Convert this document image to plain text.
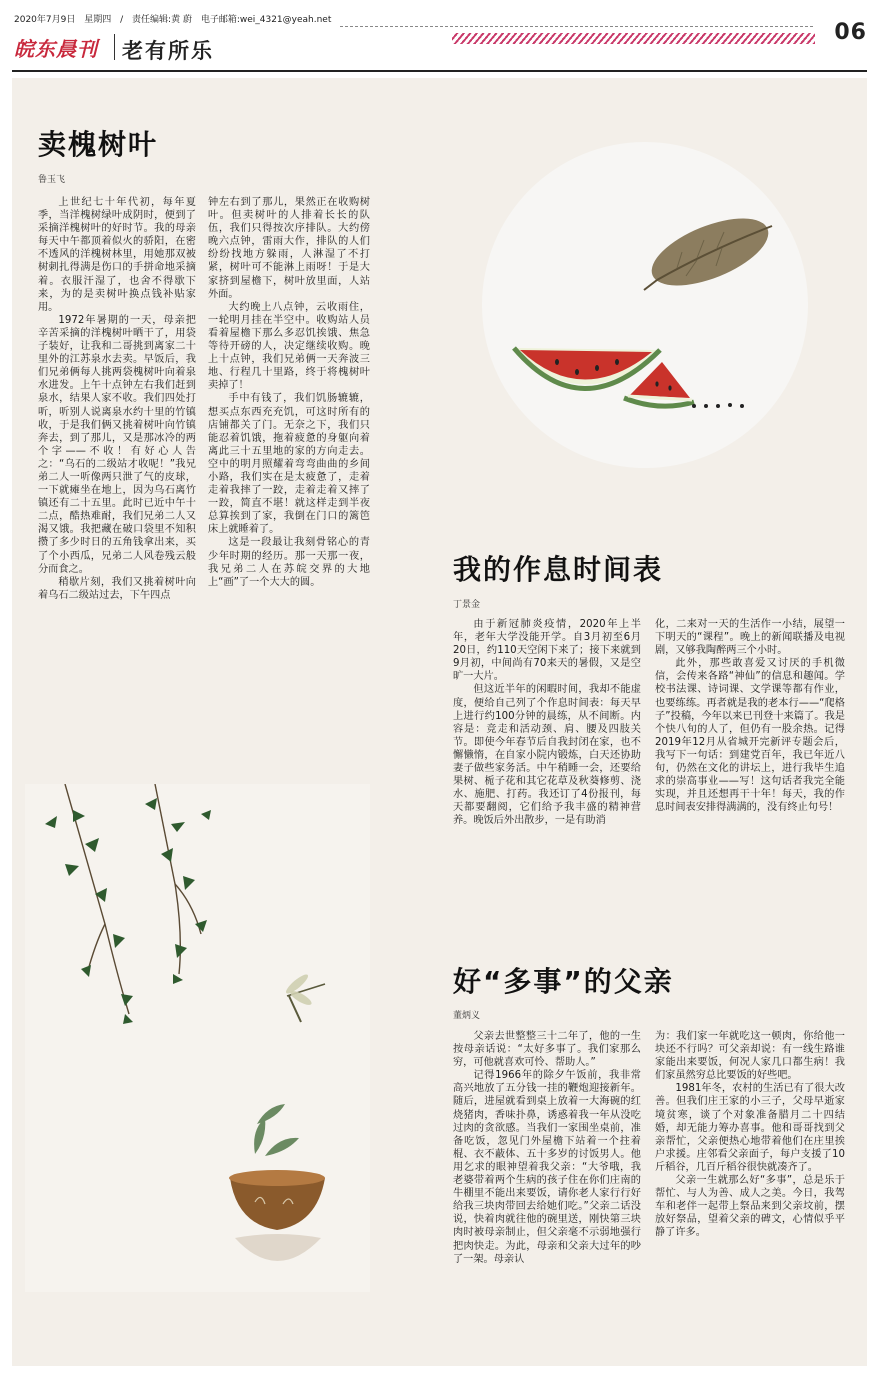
2020年7月9日 星期四 / 责任编辑:黄 蔚 电子邮箱:wei_4321@yeah.net	06
皖东晨刊 老有所乐
卖槐树叶
鲁玉飞

上世纪七十年代初，每年夏季，当洋槐树绿叶成阴时，便到了采摘洋槐树叶的好时节。我的母亲每天中午都顶着似火的骄阳，在密不透风的洋槐树林里，用她那双被树刺扎得满是伤口的手拼命地采摘着。衣服汗湿了，也舍不得歇下来，为的是卖树叶换点钱补贴家用。

1972年暑期的一天，母亲把辛苦采摘的洋槐树叶晒干了，用袋子装好，让我和二哥挑到离家二十里外的江苏泉水去卖。早饭后，我们兄弟俩每人挑两袋槐树叶向着泉水进发。上午十点钟左右我们赶到泉水，结果人家不收。我们四处打听，听别人说离泉水约十里的竹镇收，于是我们俩又挑着树叶向竹镇奔去，到了那儿，又是那冰冷的两个字——不收！有好心人告之：“乌石的二级站才收呢！”我兄弟二人一听像两只泄了气的皮球，一下就瘫坐在地上，因为乌石离竹镇还有二十五里。此时已近中午十二点，酷热难耐，我们兄弟二人又渴又饿。我把藏在破口袋里不知积攒了多少时日的五角钱拿出来，买了个小西瓜，兄弟二人风卷残云般分而食之。

稍歇片刻，我们又挑着树叶向着乌石二级站过去，下午四点

钟左右到了那儿，果然正在收购树叶。但卖树叶的人排着长长的队伍，我们只得按次序排队。大约傍晚六点钟，雷雨大作，排队的人们纷纷找地方躲雨，人淋湿了不打紧，树叶可不能淋上雨呀！于是大家挤到屋檐下，树叶放里面，人站外面。

大约晚上八点钟，云收雨住，一轮明月挂在半空中。收购站人员看着屋檐下那么多忍饥挨饿、焦急等待开磅的人，决定继续收购。晚上十点钟，我们兄弟俩一天奔波三地、行程几十里路，终于将槐树叶卖掉了！

手中有钱了，我们饥肠辘辘，想买点东西充充饥，可这时所有的店铺都关了门。无奈之下，我们只能忍着饥饿，拖着疲惫的身躯向着离此三十五里地的家的方向走去。空中的明月照耀着弯弯曲曲的乡间小路，我们实在是太疲惫了，走着走着我摔了一跤，走着走着又摔了一跤，简直不堪！就这样走到半夜总算挨到了家，我倒在门口的篱笆床上就睡着了。

这是一段最让我刻骨铭心的青少年时期的经历。那一天那一夜，我兄弟二人在苏皖交界的大地上“画”了一个大大的圆。	我的作息时间表
丁景金

由于新冠肺炎疫情，2020年上半年，老年大学没能开学。自3月初至6月20日，约110天空闲下来了；接下来就到9月初，中间尚有70来天的暑假，又是空旷一大片。

但这近半年的闲暇时间，我却不能虚度，便给自己列了个作息时间表：每天早上进行约100分钟的晨练，从不间断。内容是：竞走和活动颈、肩、腰及四肢关节。即使今年春节后自我封闭在家，也不懈懒惰，在自家小院内锻炼，白天还协助妻子做些家务活。中午稍睡一会，还要给果树、栀子花和其它花草及秋葵修剪、浇水、施肥、打药。我还订了4份报刊，每天都要翻阅，它们给予我丰盛的精神营养。晚饭后外出散步，一是有助消

化，二来对一天的生活作一小结，展望一下明天的“课程”。晚上的新闻联播及电视剧，又够我陶醉两三个小时。

此外，那些敢喜爱又讨厌的手机微信，会传来各路“神仙”的信息和趣闻。学校书法课、诗词课、文学课等都有作业，也要练练。再者就是我的老本行——“爬格子”投稿，今年以来已刊登十来篇了。我是个快八旬的人了，但仍有一股余热。记得2019年12月从省城开完新评专题会后，我写下一句话：到建党百年，我已年近八旬，仍然在文化的讲坛上，进行我毕生追求的崇高事业——写！这句话者我完全能实现，并且还想再干十年！每天，我的作息时间表安排得满满的，没有终止句号！

好“多事”的父亲
董炳义

父亲去世整整三十二年了，他的一生按母亲话说：“太好多事了。我们家那么穷，可他就喜欢可怜、帮助人。”

记得1966年的除夕午饭前，我非常高兴地放了五分钱一挂的鞭炮迎接新年。随后，进屋就看到桌上放着一大海碗的红烧猪肉，香味扑鼻，诱惑着我一年从没吃过肉的贪欲感。当我们一家围坐桌前，准备吃饭，忽见门外屋檐下站着一个拄着棍、衣不蔽体、五十多岁的讨饭男人。他用乞求的眼神望着我父亲：“大爷哦，我老婆带着两个生病的孩子住在你们庄南的牛棚里不能出来要饭，请你老人家行行好给我三块肉带回去给她们吃。”父亲二话没说，快着肉就往他的碗里送，刚快第三块肉时被母亲制止，但父亲毫不示弱地强行把肉快走。为此，母亲和父亲大过年的吵了一架。母亲认

为：我们家一年就吃这一顿肉，你给他一块还不行吗？可父亲却说：有一线生路谁家能出来要饭，何况人家几口都生病！我们家虽然穷总比要饭的好些吧。

1981年冬，农村的生活已有了很大改善。但我们庄王家的小三子，父母早逝家境贫寒，谈了个对象准备腊月二十四结婚，却无能力筹办喜事。他和哥哥找到父亲帮忙，父亲便热心地带着他们在庄里挨户求援。庄邻看父亲面子，每户支援了10斤稻谷，几百斤稻谷很快就凑齐了。

父亲一生就那么好“多事”，总是乐于帮忙、与人为善、成人之美。今日，我驾车和老伴一起带上祭品来到父亲坟前，摆放好祭品，望着父亲的碑文，心情似乎平静了许多。
